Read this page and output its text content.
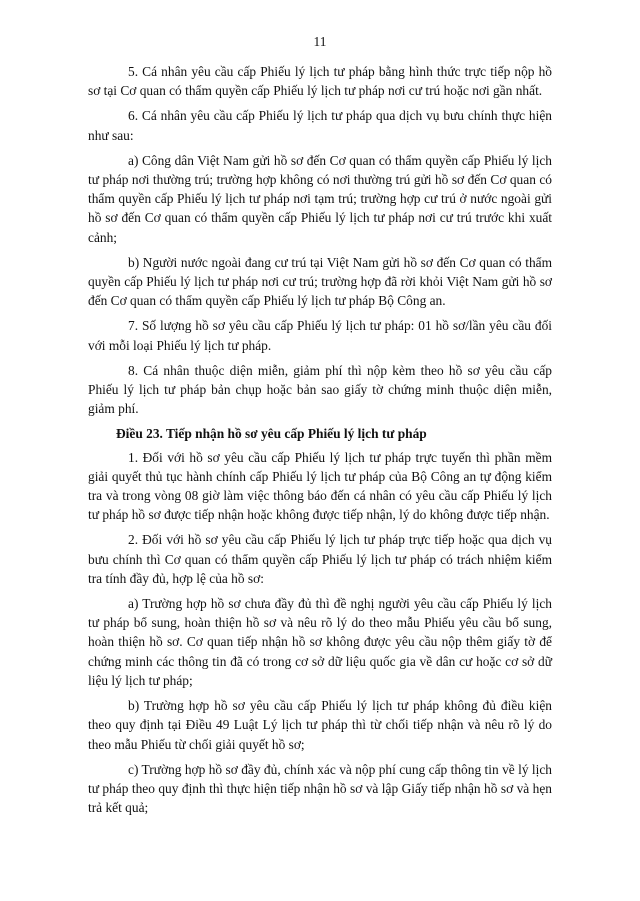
11

5. Cá nhân yêu cầu cấp Phiếu lý lịch tư pháp bằng hình thức trực tiếp nộp hồ sơ tại Cơ quan có thẩm quyền cấp Phiếu lý lịch tư pháp nơi cư trú hoặc nơi gần nhất.

6. Cá nhân yêu cầu cấp Phiếu lý lịch tư pháp qua dịch vụ bưu chính thực hiện như sau:

a) Công dân Việt Nam gửi hồ sơ đến Cơ quan có thẩm quyền cấp Phiếu lý lịch tư pháp nơi thường trú; trường hợp không có nơi thường trú gửi hồ sơ đến Cơ quan có thẩm quyền cấp Phiếu lý lịch tư pháp nơi tạm trú; trường hợp cư trú ở nước ngoài gửi hồ sơ đến Cơ quan có thẩm quyền cấp Phiếu lý lịch tư pháp nơi cư trú trước khi xuất cảnh;

b) Người nước ngoài đang cư trú tại Việt Nam gửi hồ sơ đến Cơ quan có thẩm quyền cấp Phiếu lý lịch tư pháp nơi cư trú; trường hợp đã rời khỏi Việt Nam gửi hồ sơ đến Cơ quan có thẩm quyền cấp Phiếu lý lịch tư pháp Bộ Công an.

7. Số lượng hồ sơ yêu cầu cấp Phiếu lý lịch tư pháp: 01 hồ sơ/lần yêu cầu đối với mỗi loại Phiếu lý lịch tư pháp.

8. Cá nhân thuộc diện miễn, giảm phí thì nộp kèm theo hồ sơ yêu cầu cấp Phiếu lý lịch tư pháp bản chụp hoặc bản sao giấy tờ chứng minh thuộc diện miễn, giảm phí.

Điều 23. Tiếp nhận hồ sơ yêu cấp Phiếu lý lịch tư pháp

1. Đối với hồ sơ yêu cầu cấp Phiếu lý lịch tư pháp trực tuyến thì phần mềm giải quyết thủ tục hành chính cấp Phiếu lý lịch tư pháp của Bộ Công an tự động kiểm tra và trong vòng 08 giờ làm việc thông báo đến cá nhân có yêu cầu cấp Phiếu lý lịch tư pháp hồ sơ được tiếp nhận hoặc không được tiếp nhận, lý do không được tiếp nhận.

2. Đối với hồ sơ yêu cầu cấp Phiếu lý lịch tư pháp trực tiếp hoặc qua dịch vụ bưu chính thì Cơ quan có thẩm quyền cấp Phiếu lý lịch tư pháp có trách nhiệm kiểm tra tính đầy đủ, hợp lệ của hồ sơ:

a) Trường hợp hồ sơ chưa đầy đủ thì đề nghị người yêu cầu cấp Phiếu lý lịch tư pháp bổ sung, hoàn thiện hồ sơ và nêu rõ lý do theo mẫu Phiếu yêu cầu bổ sung, hoàn thiện hồ sơ. Cơ quan tiếp nhận hồ sơ không được yêu cầu nộp thêm giấy tờ để chứng minh các thông tin đã có trong cơ sở dữ liệu quốc gia về dân cư hoặc cơ sở dữ liệu lý lịch tư pháp;

b) Trường hợp hồ sơ yêu cầu cấp Phiếu lý lịch tư pháp không đủ điều kiện theo quy định tại Điều 49 Luật Lý lịch tư pháp thì từ chối tiếp nhận và nêu rõ lý do theo mẫu Phiếu từ chối giải quyết hồ sơ;

c) Trường hợp hồ sơ đầy đủ, chính xác và nộp phí cung cấp thông tin về lý lịch tư pháp theo quy định thì thực hiện tiếp nhận hồ sơ và lập Giấy tiếp nhận hồ sơ và hẹn trả kết quả;
